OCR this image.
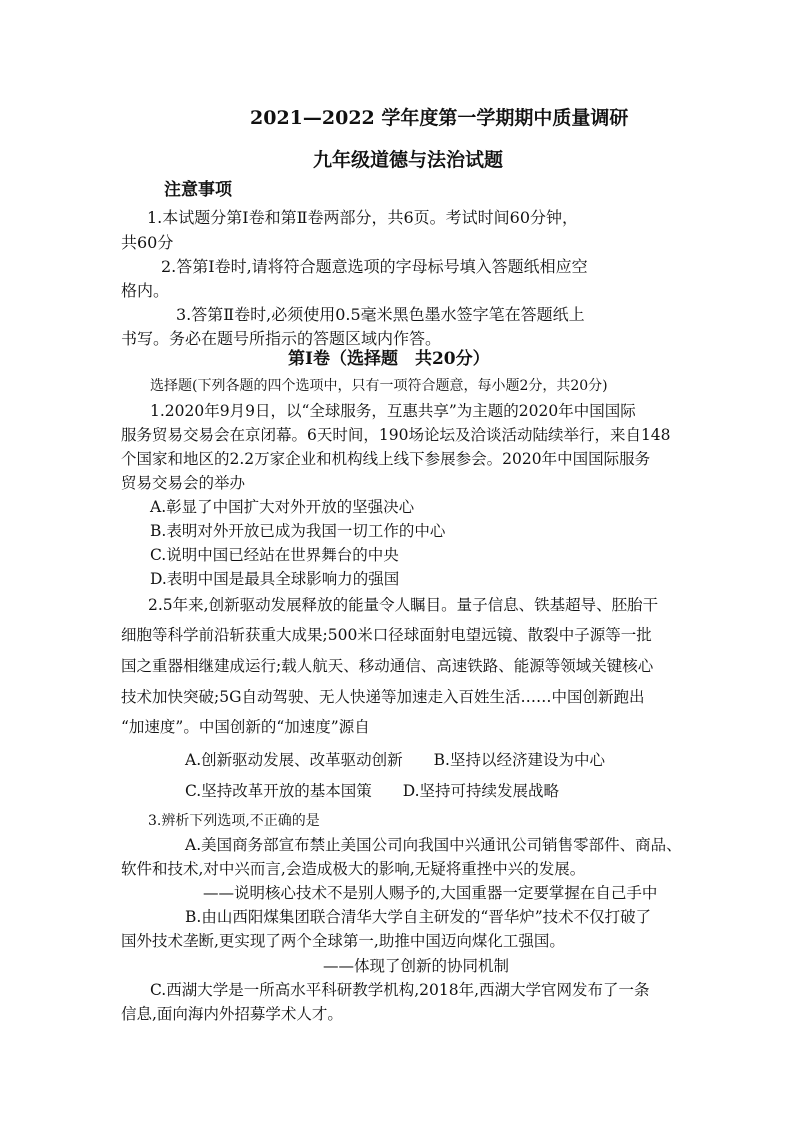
2021—2022 学年度第一学期期中质量调研
九年级道德与法治试题
注意事项
1.本试题分第Ⅰ卷和第Ⅱ卷两部分，共6页。考试时间60分钟，
共60分
2.答第Ⅰ卷时,请将符合题意选项的字母标号填入答题纸相应空
格内。
3.答第Ⅱ卷时,必须使用0.5毫米黑色墨水签字笔在答题纸上
书写。务必在题号所指示的答题区域内作答。
第Ⅰ卷（选择题　共20分）
选择题(下列各题的四个选项中，只有一项符合题意，每小题2分，共20分)
1.2020年9月9日，以“全球服务，互惠共享”为主题的2020年中国国际
服务贸易交易会在京闭幕。6天时间，190场论坛及洽谈活动陆续举行，来自148
个国家和地区的2.2万家企业和机构线上线下参展参会。2020年中国国际服务
贸易交易会的举办
A.彰显了中国扩大对外开放的坚强决心
B.表明对外开放已成为我国一切工作的中心
C.说明中国已经站在世界舞台的中央
D.表明中国是最具全球影响力的强国
2.5年来,创新驱动发展释放的能量令人瞩目。量子信息、铁基超导、胚胎干
细胞等科学前沿斩获重大成果;500米口径球面射电望远镜、散裂中子源等一批
国之重器相继建成运行;载人航天、移动通信、高速铁路、能源等领域关键核心
技术加快突破;5G自动驾驶、无人快递等加速走入百姓生活……中国创新跑出
“加速度”。中国创新的“加速度”源自
A.创新驱动发展、改革驱动创新　　B.坚持以经济建设为中心
C.坚持改革开放的基本国策　　D.坚持可持续发展战略
3.辨析下列选项,不正确的是
A.美国商务部宣布禁止美国公司向我国中兴通讯公司销售零部件、商品、
软件和技术,对中兴而言,会造成极大的影响,无疑将重挫中兴的发展。
——说明核心技术不是别人赐予的,大国重器一定要掌握在自己手中
B.由山西阳煤集团联合清华大学自主研发的“晋华炉”技术不仅打破了
国外技术垄断,更实现了两个全球第一,助推中国迈向煤化工强国。
——体现了创新的协同机制
C.西湖大学是一所高水平科研教学机构,2018年,西湖大学官网发布了一条
信息,面向海内外招募学术人才。
